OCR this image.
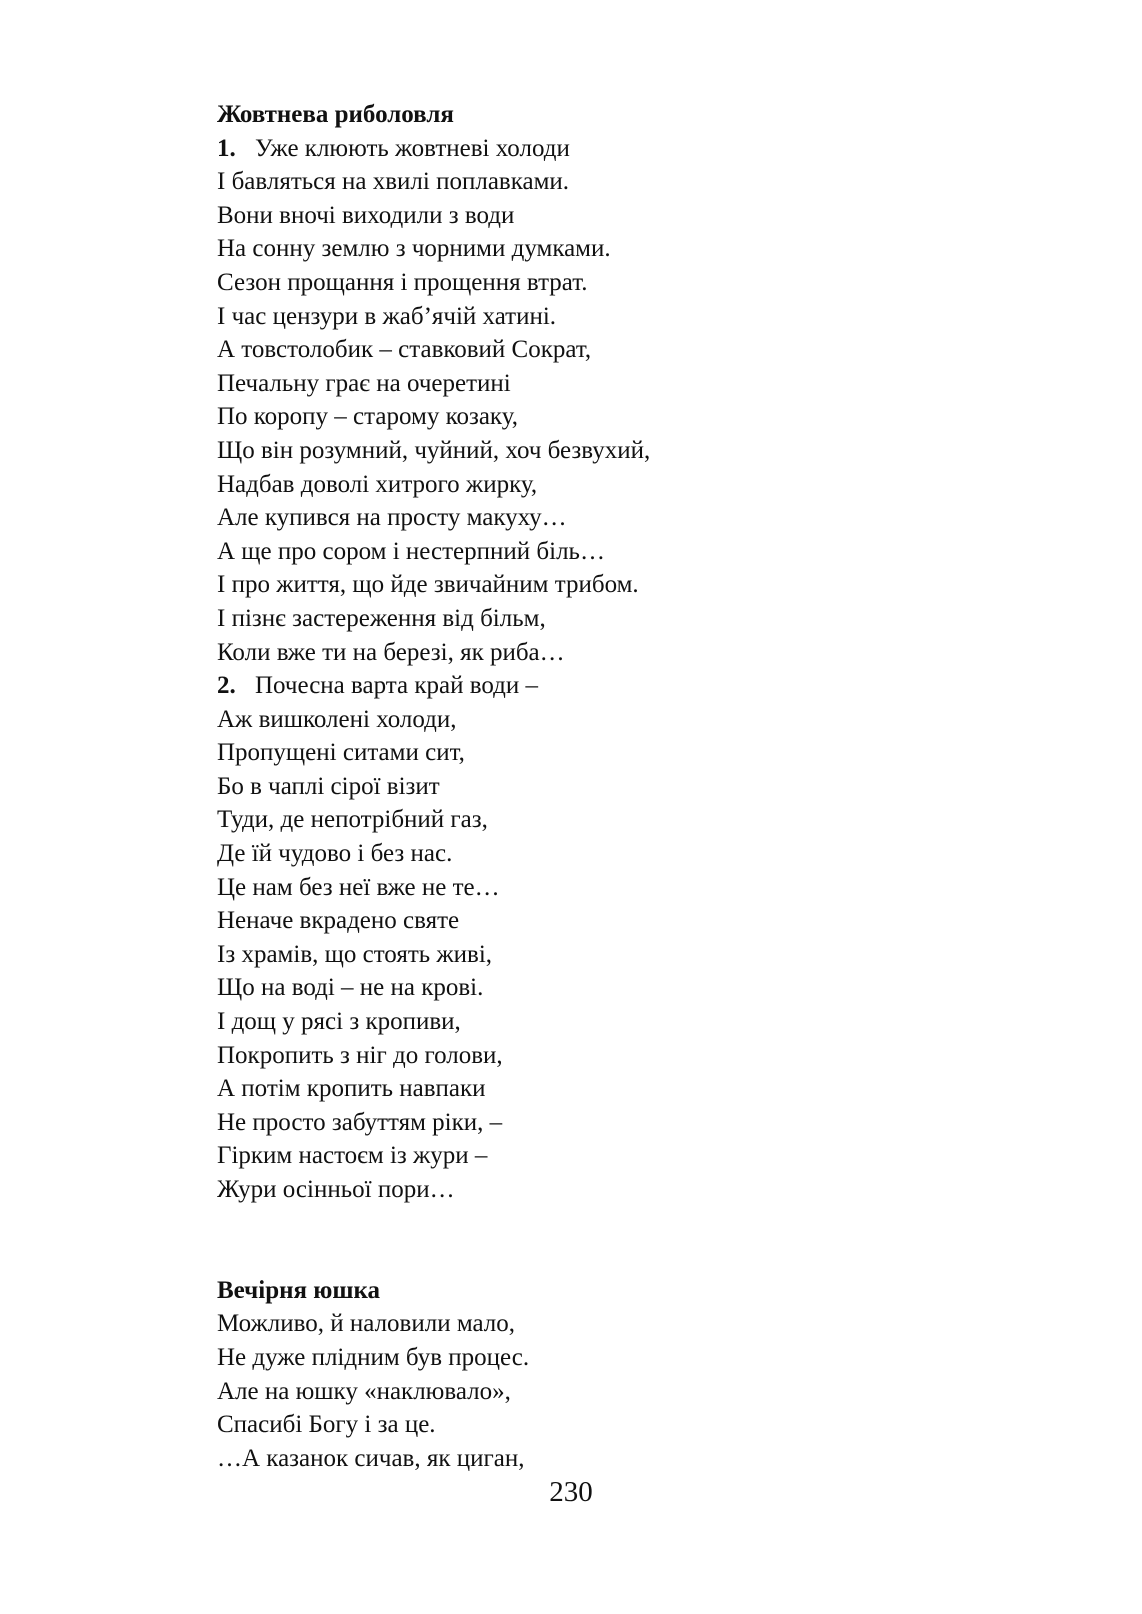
Жовтнева риболовля
1. Уже клюють жовтневі холоди
І бавляться на хвилі поплавками.
Вони вночі виходили з води
На сонну землю з чорними думками.
Сезон прощання і прощення втрат.
І час цензури в жаб’ячій хатині.
А товстолобик – ставковий Сократ,
Печальну грає на очеретині
По коропу – старому козаку,
Що він розумний, чуйний, хоч безвухий,
Надбав доволі хитрого жирку,
Але купився на просту макуху…
А ще про сором і нестерпний біль…
І про життя, що йде звичайним трибом.
І пізнє застереження від більм,
Коли вже ти на березі, як риба…
2. Почесна варта край води –
Аж вишколені холоди,
Пропущені ситами сит,
Бо в чаплі сірої візит
Туди, де непотрібний газ,
Де їй чудово і без нас.
Це нам без неї вже не те…
Неначе вкрадено святе
Із храмів, що стоять живі,
Що на воді – не на крові.
І дощ у рясі з кропиви,
Покропить з ніг до голови,
А потім кропить навпаки
Не просто забуттям ріки, –
Гірким настоєм із жури –
Жури осінньої пори…
Вечірня юшка
Можливо, й наловили мало,
Не дуже плідним був процес.
Але на юшку «наклювало»,
Спасибі Богу і за це.
…А казанок сичав, як циган,
230
